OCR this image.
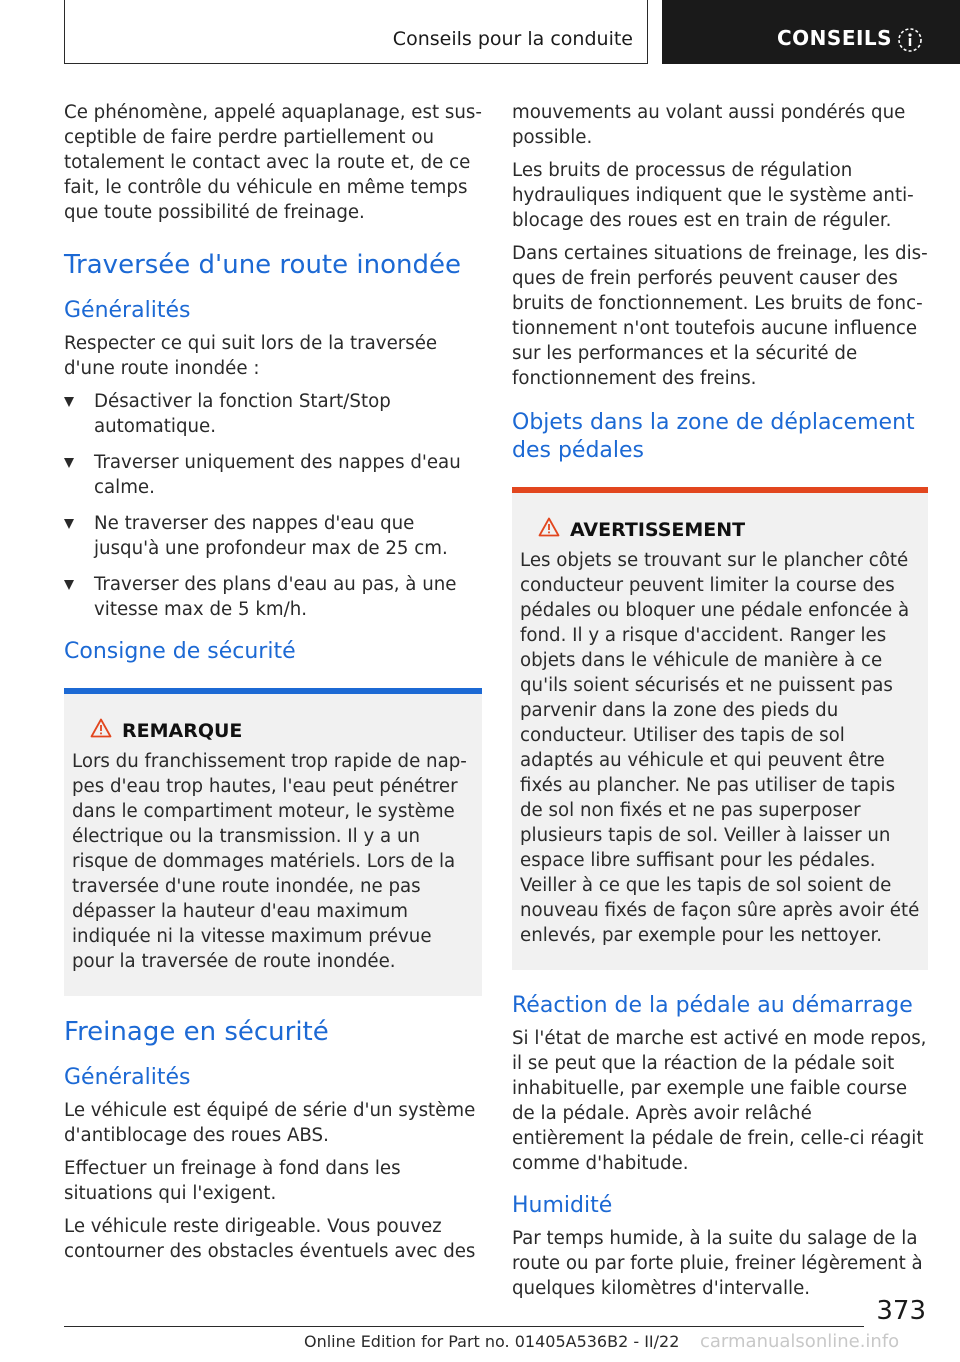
Conseils pour la conduite	CONSEILS

Ce phénomène, appelé aquaplanage, est susceptible de faire perdre partiellement ou totalement le contact avec la route et, de ce fait, le contrôle du véhicule en même temps que toute possibilité de freinage.

Traversée d'une route inondée
Généralités

Respecter ce qui suit lors de la traversée d'une route inondée :

Désactiver la fonction Start/Stop automatique.
Traverser uniquement des nappes d'eau calme.
Ne traverser des nappes d'eau que jusqu'à une profondeur max de 25 cm.
Traverser des plans d'eau au pas, à une vitesse max de 5 km/h.
Consigne de sécurité
REMARQUE

Lors du franchissement trop rapide de nappes d'eau trop hautes, l'eau peut pénétrer dans le compartiment moteur, le système électrique ou la transmission. Il y a un risque de dommages matériels. Lors de la traversée d'une route inondée, ne pas dépasser la hauteur d'eau maximum indiquée ni la vitesse maximum prévue pour la traversée de route inondée.

Freinage en sécurité
Généralités

Le véhicule est équipé de série d'un système d'antiblocage des roues ABS.

Effectuer un freinage à fond dans les situations qui l'exigent.

Le véhicule reste dirigeable. Vous pouvez contourner des obstacles éventuels avec des

mouvements au volant aussi pondérés que possible.

Les bruits de processus de régulation hydrauliques indiquent que le système anti-blocage des roues est en train de réguler.

Dans certaines situations de freinage, les disques de frein perforés peuvent causer des bruits de fonctionnement. Les bruits de fonctionnement n'ont toutefois aucune influence sur les performances et la sécurité de fonctionnement des freins.

Objets dans la zone de déplacement des pédales
AVERTISSEMENT

Les objets se trouvant sur le plancher côté conducteur peuvent limiter la course des pédales ou bloquer une pédale enfoncée à fond. Il y a risque d'accident. Ranger les objets dans le véhicule de manière à ce qu'ils soient sécurisés et ne puissent pas parvenir dans la zone des pieds du conducteur. Utiliser des tapis de sol adaptés au véhicule et qui peuvent être fixés au plancher. Ne pas utiliser de tapis de sol non fixés et ne pas superposer plusieurs tapis de sol. Veiller à laisser un espace libre suffisant pour les pédales. Veiller à ce que les tapis de sol soient de nouveau fixés de façon sûre après avoir été enlevés, par exemple pour les nettoyer.

Réaction de la pédale au démarrage

Si l'état de marche est activé en mode repos, il se peut que la réaction de la pédale soit inhabituelle, par exemple une faible course de la pédale. Après avoir relâché entièrement la pédale de frein, celle-ci réagit comme d'habitude.

Humidité

Par temps humide, à la suite du salage de la route ou par forte pluie, freiner légèrement à quelques kilomètres d'intervalle.

373
Online Edition for Part no. 01405A536B2 - II/22 carmanualsonline.info
